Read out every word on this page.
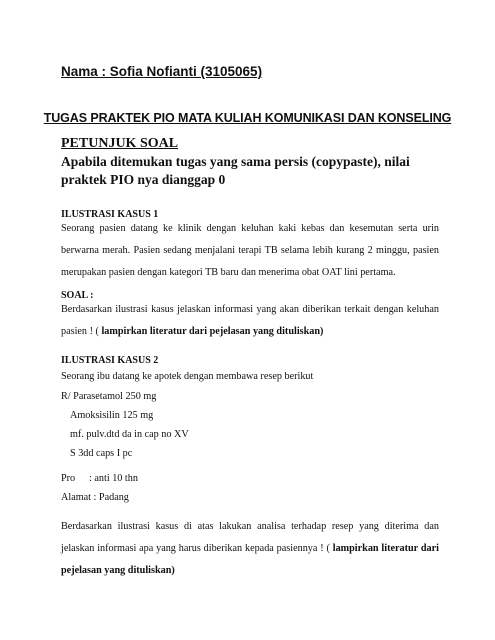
Nama : Sofia Nofianti (3105065)
TUGAS PRAKTEK PIO MATA KULIAH KOMUNIKASI DAN KONSELING
PETUNJUK SOAL
Apabila ditemukan tugas yang sama persis (copypaste), nilai praktek PIO nya dianggap 0
ILUSTRASI KASUS 1
Seorang pasien datang ke klinik dengan keluhan kaki kebas dan kesemutan serta urin berwarna merah. Pasien sedang menjalani terapi TB selama lebih kurang 2 minggu, pasien merupakan pasien dengan kategori TB baru dan menerima obat OAT lini pertama.
SOAL :
Berdasarkan ilustrasi kasus jelaskan informasi yang akan diberikan terkait dengan keluhan pasien ! ( lampirkan literatur dari pejelasan yang dituliskan)
ILUSTRASI KASUS 2
Seorang ibu datang ke apotek dengan membawa resep berikut
R/ Parasetamol 250 mg
Amoksisilin 125 mg
mf. pulv.dtd da in cap no XV
S 3dd caps I pc
Pro : anti 10 thn
Alamat : Padang
Berdasarkan ilustrasi kasus di atas lakukan analisa terhadap resep yang diterima dan jelaskan informasi apa yang harus diberikan kepada pasiennya ! ( lampirkan literatur dari pejelasan yang dituliskan)
